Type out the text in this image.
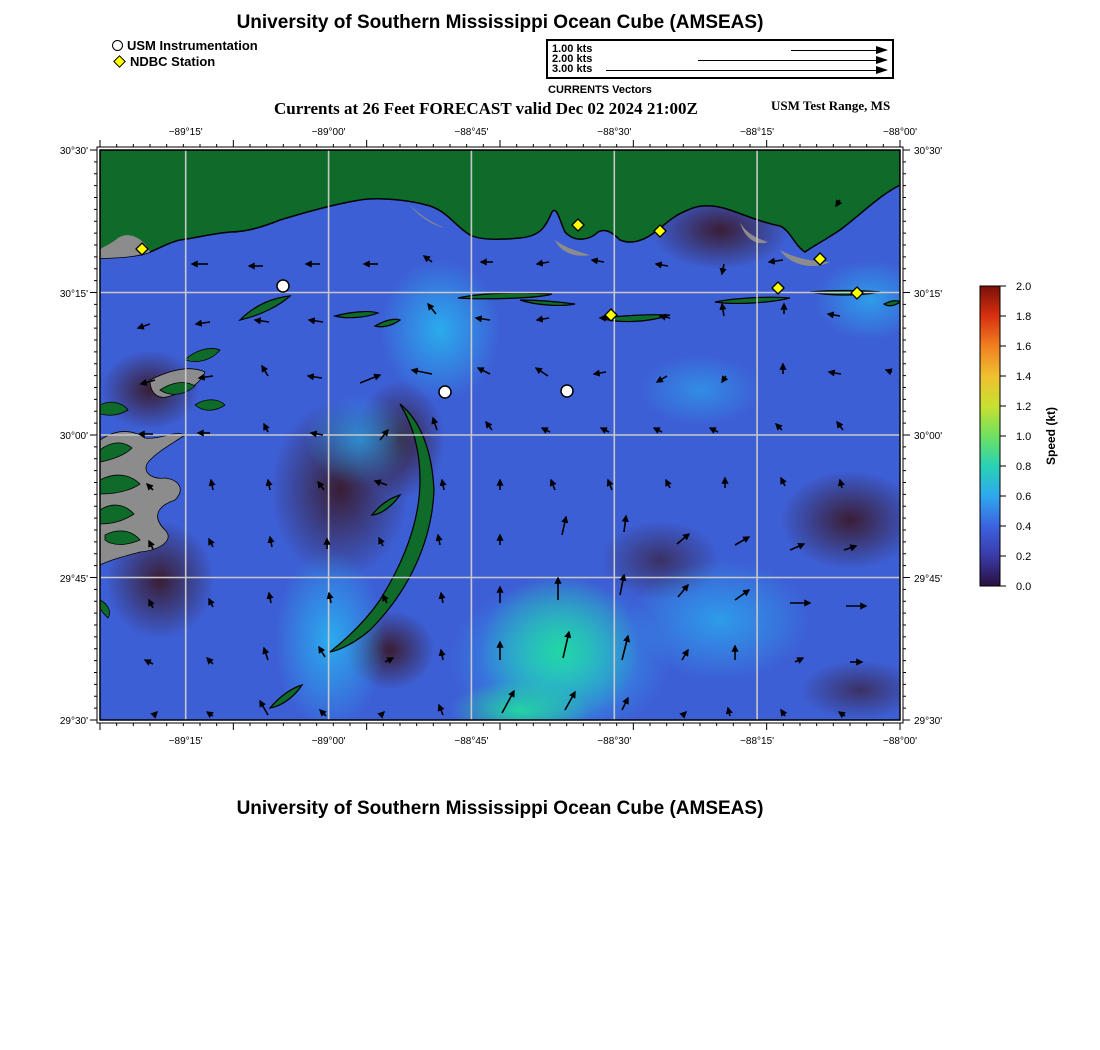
University of Southern Mississippi Ocean Cube (AMSEAS)
USM Instrumentation
NDBC Station
1.00 kts
2.00 kts
3.00 kts
CURRENTS Vectors
Currents at 26 Feet FORECAST valid Dec 02 2024 21:00Z	USM Test Range, MS
−89°15'	−89°00'	−88°45'	−88°30'	−88°15'	−88°00'
−89°15'	−89°00'	−88°45'	−88°30'	−88°15'	−88°00'
30°30'
30°15'
30°00'
29°45'
29°30'
30°30'
30°15'
30°00'
29°45'
29°30'
2.0
1.8
1.6
1.4
1.2
1.0
0.8
0.6
0.4
0.2
0.0
Speed (kt)
University of Southern Mississippi Ocean Cube (AMSEAS)
